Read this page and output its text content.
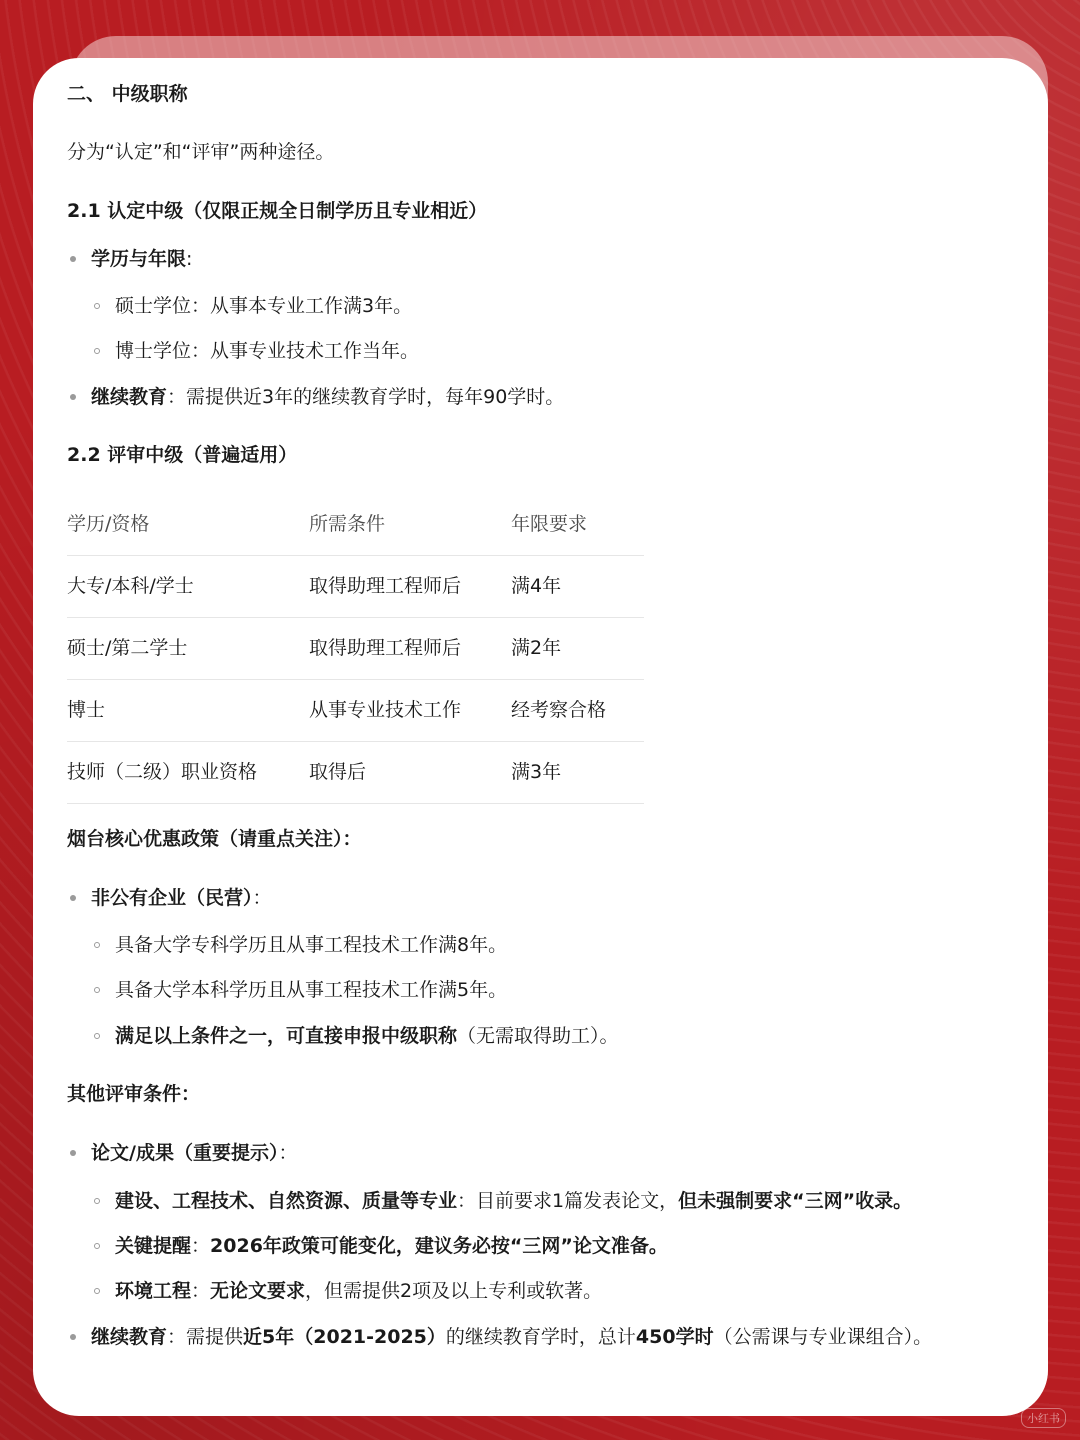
二、 中级职称
分为“认定”和“评审”两种途径。
2.1 认定中级（仅限正规全日制学历且专业相近）
学历与年限:
硕士学位：从事本专业工作满3年。
博士学位：从事专业技术工作当年。
继续教育：需提供近3年的继续教育学时，每年90学时。
2.2 评审中级（普遍适用）
学历/资格	所需条件	年限要求
大专/本科/学士	取得助理工程师后	满4年
硕士/第二学士	取得助理工程师后	满2年
博士	从事专业技术工作	经考察合格
技师（二级）职业资格	取得后	满3年
烟台核心优惠政策（请重点关注）：
非公有企业（民营）：
具备大学专科学历且从事工程技术工作满8年。
具备大学本科学历且从事工程技术工作满5年。
满足以上条件之一，可直接申报中级职称（无需取得助工）。
其他评审条件：
论文/成果（重要提示）：
建设、工程技术、自然资源、质量等专业：目前要求1篇发表论文，但未强制要求“三网”收录。
关键提醒：2026年政策可能变化，建议务必按“三网”论文准备。
环境工程：无论文要求，但需提供2项及以上专利或软著。
继续教育：需提供近5年（2021-2025）的继续教育学时，总计450学时（公需课与专业课组合）。
小红书
